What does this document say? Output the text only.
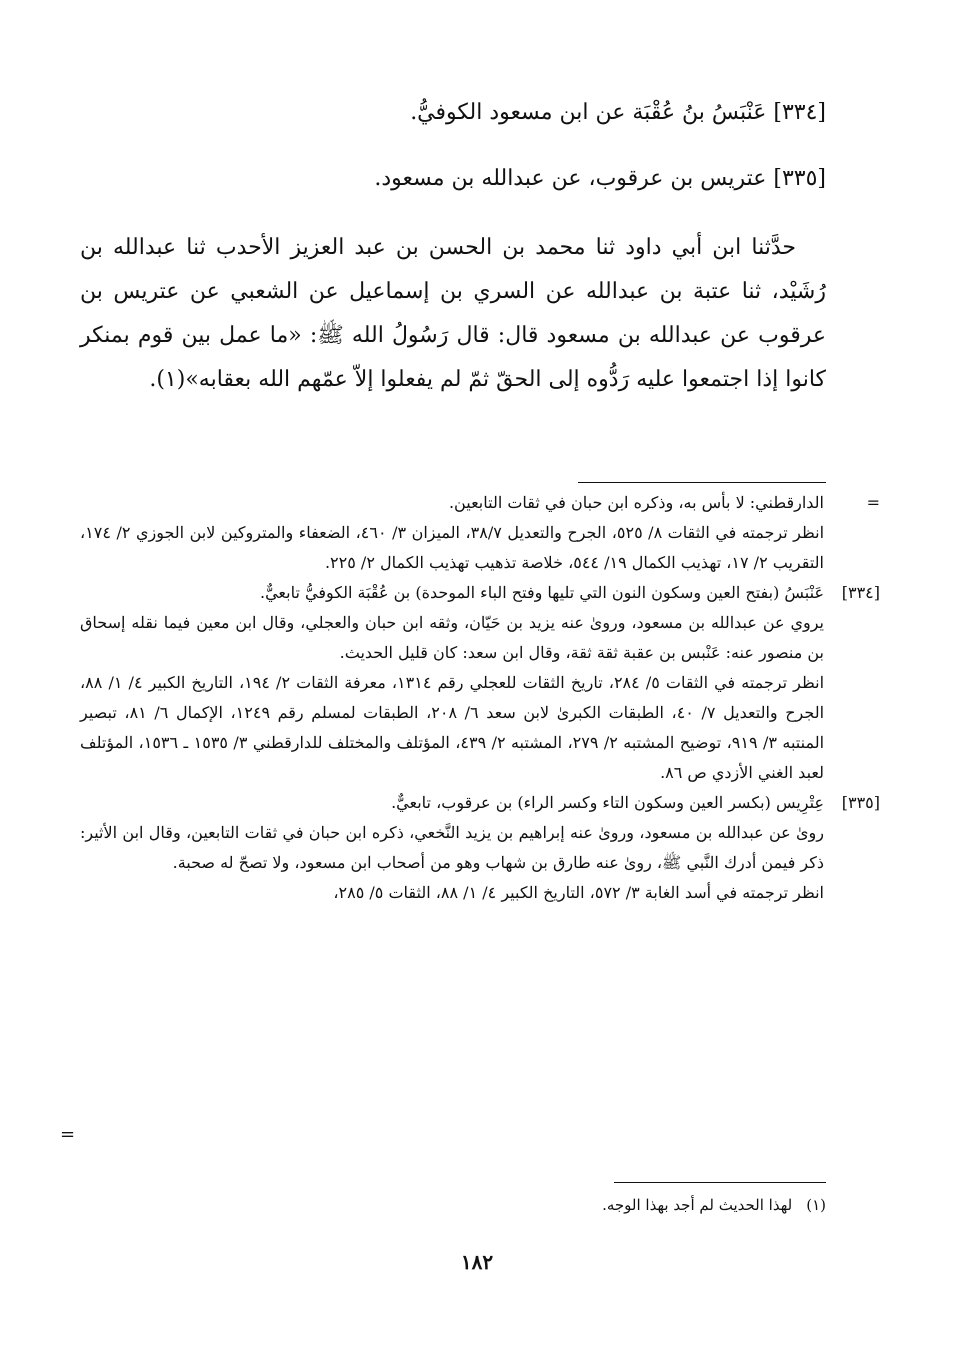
[٣٣٤] عَنْبَسُ بنُ عُقْبَة عن ابن مسعود الكوفيُّ.
[٣٣٥] عتريس بن عرقوب، عن عبدالله بن مسعود.

حدَّثنا ابن أبي داود ثنا محمد بن الحسن بن عبد العزيز الأحدب ثنا عبدالله بن رُشَيْد، ثنا عتبة بن عبدالله عن السري بن إسماعيل عن الشعبي عن عتريس بن عرقوب عن عبدالله بن مسعود قال: قال رَسُولُ الله ﷺ: «ما عمل بين قوم بمنكر كانوا إذا اجتمعوا عليه رَدُّوه إلى الحقّ ثمّ لم يفعلوا إلاّ عمّهم الله بعقابه»(١).

=
الدارقطني: لا بأس به، وذكره ابن حبان في ثقات التابعين.
انظر ترجمته في الثقات ٨/ ٥٢٥، الجرح والتعديل ٣٨/٧، الميزان ٣/ ٤٦٠، الضعفاء والمتروكين لابن الجوزي ٢/ ١٧٤، التقريب ٢/ ١٧، تهذيب الكمال ١٩/ ٥٤٤، خلاصة تذهيب تهذيب الكمال ٢/ ٢٢٥.
[٣٣٤]
عَنْبَسُ (بفتح العين وسكون النون التي تليها وفتح الباء الموحدة) بن عُقْبَة الكوفيُّ تابعيٌّ.
يروي عن عبدالله بن مسعود، وروىٰ عنه يزيد بن حَيّان، وثقه ابن حبان والعجلي، وقال ابن معين فيما نقله إسحاق بن منصور عنه: عَنْبس بن عقبة ثقة ثقة، وقال ابن سعد: كان قليل الحديث.
انظر ترجمته في الثقات ٥/ ٢٨٤، تاريخ الثقات للعجلي رقم ١٣١٤، معرفة الثقات ٢/ ١٩٤، التاريخ الكبير ٤/ ١/ ٨٨، الجرح والتعديل ٧/ ٤٠، الطبقات الكبرىٰ لابن سعد ٦/ ٢٠٨، الطبقات لمسلم رقم ١٢٤٩، الإكمال ٦/ ٨١، تبصير المنتبه ٣/ ٩١٩، توضيح المشتبه ٢/ ٢٧٩، المشتبه ٢/ ٤٣٩، المؤتلف والمختلف للدارقطني ٣/ ١٥٣٥ ـ ١٥٣٦، المؤتلف لعبد الغني الأزدي ص ٨٦.
[٣٣٥]
عِتْرِيس (بكسر العين وسكون التاء وكسر الراء) بن عرقوب، تابعيٌّ.
روىٰ عن عبدالله بن مسعود، وروىٰ عنه إبراهيم بن يزيد النَّخعي، ذكره ابن حبان في ثقات التابعين، وقال ابن الأثير: ذكر فيمن أدرك النَّبي ﷺ، روىٰ عنه طارق بن شهاب وهو من أصحاب ابن مسعود، ولا تصحّ له صحبة.
انظر ترجمته في أسد الغابة ٣/ ٥٧٢، التاريخ الكبير ٤/ ١/ ٨٨، الثقات ٥/ ٢٨٥،
=
(١)لهذا الحديث لم أجد بهذا الوجه.
١٨٢
